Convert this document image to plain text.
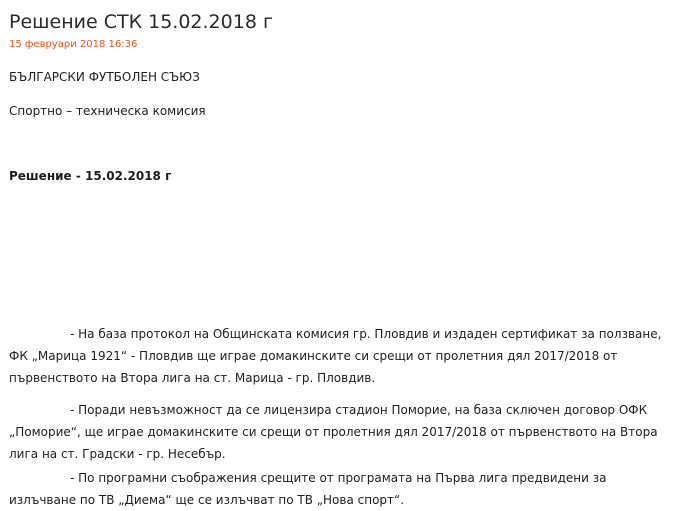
Решение СТК 15.02.2018 г
15 февруари 2018 16:36
БЪЛГАРСКИ ФУТБОЛЕН СЪЮЗ
Спортно – техническа комисия
Решение - 15.02.2018 г
- На база протокол на Общинската комисия гр. Пловдив и издаден сертификат за ползване, ФК „Марица 1921“ - Пловдив ще играе домакинските си срещи от пролетния дял 2017/2018 от първенството на Втора лига на ст. Марица - гр. Пловдив.
- Поради невъзможност да се лицензира стадион Поморие, на база сключен договор ОФК „Поморие“, ще играе домакинските си срещи от пролетния дял 2017/2018 от първенството на Втора лига на ст. Градски - гр. Несебър.
- По програмни съображения срещите от програмата на Първа лига предвидени за излъчване по ТВ „Диема“ ще се излъчват по ТВ „Нова спорт“.
